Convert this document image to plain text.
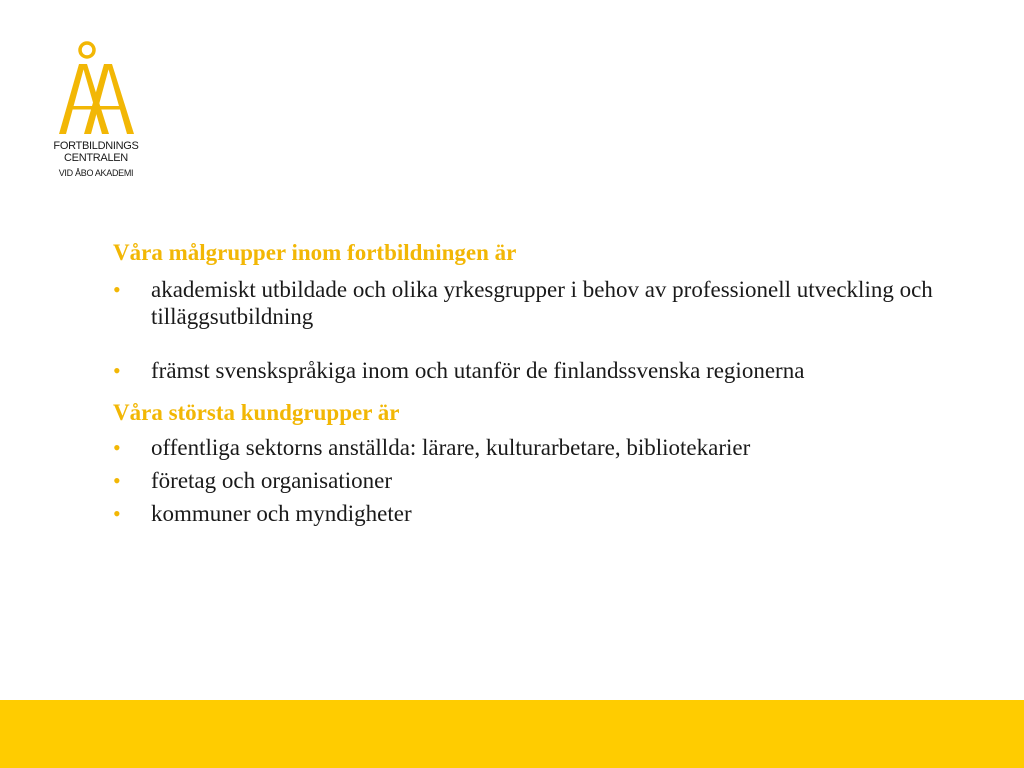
FORTBILDNINGS
CENTRALEN
VID ÅBO AKADEMI
Våra målgrupper inom fortbildningen är
• akademiskt utbildade och olika yrkesgrupper i behov av professionell utveckling och tilläggsutbildning
• främst svenskspråkiga inom och utanför de finlandssvenska regionerna
Våra största kundgrupper är
• offentliga sektorns anställda: lärare, kulturarbetare, bibliotekarier
• företag och organisationer
• kommuner och myndigheter
